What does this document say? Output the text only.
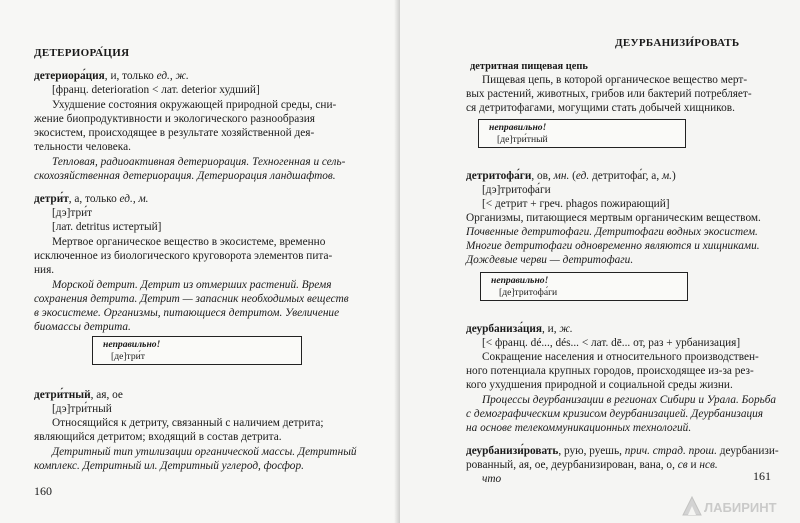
ДЕТЕРИОРА́ЦИЯ
детериора́ция, и, только ед., ж.
[франц. deterioration < лат. deterior худший]
Ухудшение состояния окружающей природной среды, сни-
жение биопродуктивности и экологического разнообразия
экосистем, происходящее в результате хозяйственной дея-
тельности человека.
Тепловая, радиоактивная детериорация. Техногенная и сель-
скохозяйственная детериорация. Детериорация ландшафтов.
детри́т, а, только ед., м.
[дэ]три́т
[лат. detritus истертый]
Мертвое органическое вещество в экосистеме, временно
исключенное из биологического круговорота элементов пита-
ния.
Морской детрит. Детрит из отмерших растений. Время
сохранения детрита. Детрит — запасник необходимых веществ
в экосистеме. Организмы, питающиеся детритом. Увеличение
биомассы детрита.
неправильно!
[де]три́т
детри́тный, ая, ое
[дэ]три́тный
Относящийся к детриту, связанный с наличием детрита;
являющийся детритом; входящий в состав детрита.
Детритный тип утилизации органической массы. Детритный
комплекс. Детритный ил. Детритный углерод, фосфор.
160
ДЕУРБАНИЗИ́РОВАТЬ
детритная пищевая цепь
Пищевая цепь, в которой органическое вещество мерт-
вых растений, животных, грибов или бактерий потребляет-
ся детритофагами, могущими стать добычей хищников.
неправильно!
[де]три́тный
детритофа́ги, ов, мн. (ед. детритофа́г, а, м.)
[дэ]тритофа́ги
[< детрит + греч. phagos пожирающий]
Организмы, питающиеся мертвым органическим веществом.
Почвенные детритофаги. Детритофаги водных экосистем.
Многие детритофаги одновременно являются и хищниками.
Дождевые черви — детритофаги.
неправильно!
[де]тритофа́ги
деурбаниза́ция, и, ж.
[< франц. dé..., dés... < лат. dē... от, раз + урбанизация]
Сокращение населения и относительного производствен-
ного потенциала крупных городов, происходящее из-за рез-
кого ухудшения природной и социальной среды жизни.
Процессы деурбанизации в регионах Сибири и Урала. Борьба
с демографическим кризисом деурбанизацией. Деурбанизация
на основе телекоммуникационных технологий.
деурбанизи́ровать, рую, руешь, прич. страд. прош. деурбанизи-
рованный, ая, ое, деурбанизирован, вана, о, св и нсв.
что	161
ЛАБИРИНТ
